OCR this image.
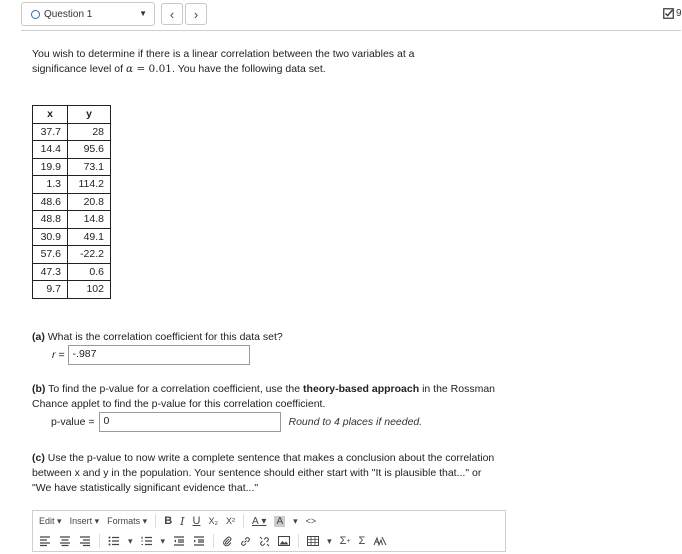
Question 1	▼	‹	›	9
You wish to determine if there is a linear correlation between the two variables at a significance level of α = 0.01. You have the following data set.
x	y
37.7	28
14.4	95.6
19.9	73.1
1.3	114.2
48.6	20.8
48.8	14.8
30.9	49.1
57.6	-22.2
47.3	0.6
9.7	102
(a) What is the correlation coefficient for this data set?
r = -.987
(b) To find the p-value for a correlation coefficient, use the theory-based approach in the Rossman Chance applet to find the p-value for this correlation coefficient.
p-value = 0	Round to 4 places if needed.
(c) Use the p-value to now write a complete sentence that makes a conclusion about the correlation between x and y in the population. Your sentence should either start with "It is plausible that..." or "We have statistically significant evidence that..."
Edit
▾ Insert
▾ Formats
▾ B I U X₂ X² A
▾ A ▾ <>
▾	▾	▾ Σ + Σ
